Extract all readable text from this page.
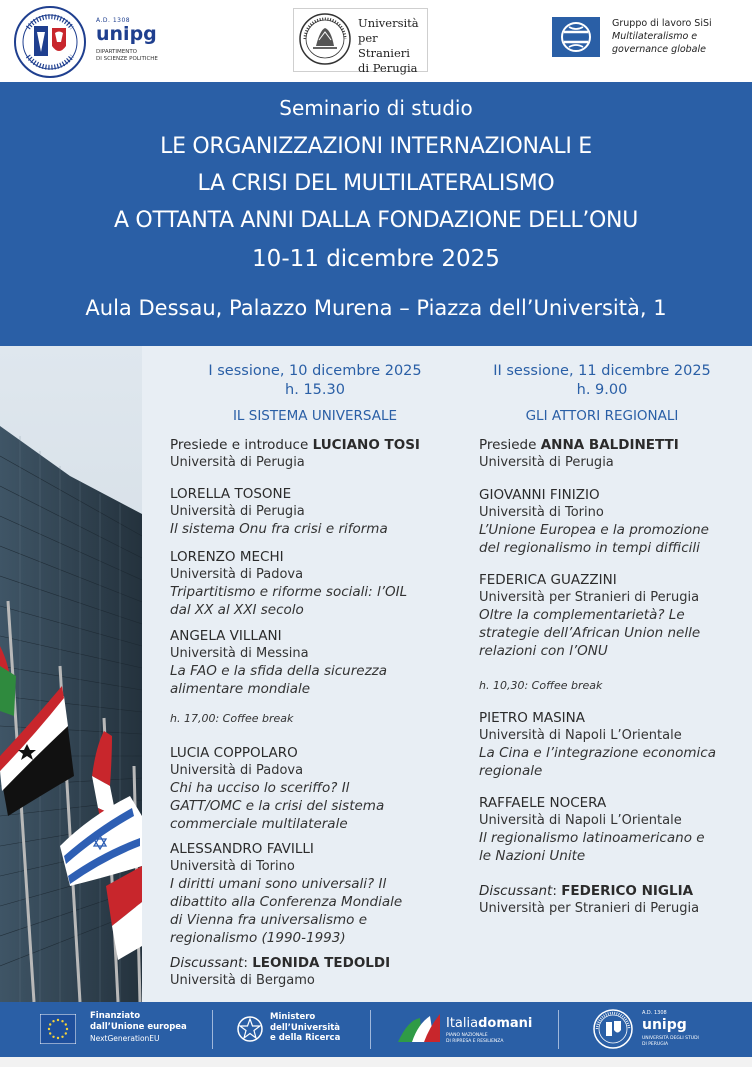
A.D. 1308
unipg
DIPARTIMENTO
DI SCIENZE POLITICHE
Università
per Stranieri
di Perugia
Gruppo di lavoro SiSi
Multilateralismo e
governance globale
Seminario di studio
LE ORGANIZZAZIONI INTERNAZIONALI E
LA CRISI DEL MULTILATERALISMO
A OTTANTA ANNI DALLA FONDAZIONE DELL’ONU
10-11 dicembre 2025
Aula Dessau, Palazzo Murena – Piazza dell’Università, 1
I sessione, 10 dicembre 2025
h. 15.30
IL SISTEMA UNIVERSALE
Presiede e introduce LUCIANO TOSI
Università di Perugia
LORELLA TOSONE
Università di Perugia
Il sistema Onu fra crisi e riforma
LORENZO MECHI
Università di Padova
Tripartitismo e riforme sociali: l’OIL
dal XX al XXI secolo
ANGELA VILLANI
Università di Messina
La FAO e la sfida della sicurezza
alimentare mondiale
h. 17,00: Coffee break
LUCIA COPPOLARO
Università di Padova
Chi ha ucciso lo sceriffo? Il
GATT/OMC e la crisi del sistema
commerciale multilaterale
ALESSANDRO FAVILLI
Università di Torino
I diritti umani sono universali? Il
dibattito alla Conferenza Mondiale
di Vienna fra universalismo e
regionalismo (1990-1993)
Discussant: LEONIDA TEDOLDI
Università di Bergamo
II sessione, 11 dicembre 2025
h. 9.00
GLI ATTORI REGIONALI
Presiede ANNA BALDINETTI
Università di Perugia
GIOVANNI FINIZIO
Università di Torino
L’Unione Europea e la promozione
del regionalismo in tempi difficili
FEDERICA GUAZZINI
Università per Stranieri di Perugia
Oltre la complementarietà? Le
strategie dell’African Union nelle
relazioni con l’ONU
h. 10,30: Coffee break
PIETRO MASINA
Università di Napoli L’Orientale
La Cina e l’integrazione economica
regionale
RAFFAELE NOCERA
Università di Napoli L’Orientale
Il regionalismo latinoamericano e
le Nazioni Unite
Discussant: FEDERICO NIGLIA
Università per Stranieri di Perugia
Finanziato
dall’Unione europea
NextGenerationEU
Ministero
dell’Università
e della Ricerca
Italiadomani
PIANO NAZIONALE
DI RIPRESA E RESILIENZA
A.D. 1308
unipg
UNIVERSITÀ DEGLI STUDI
DI PERUGIA
